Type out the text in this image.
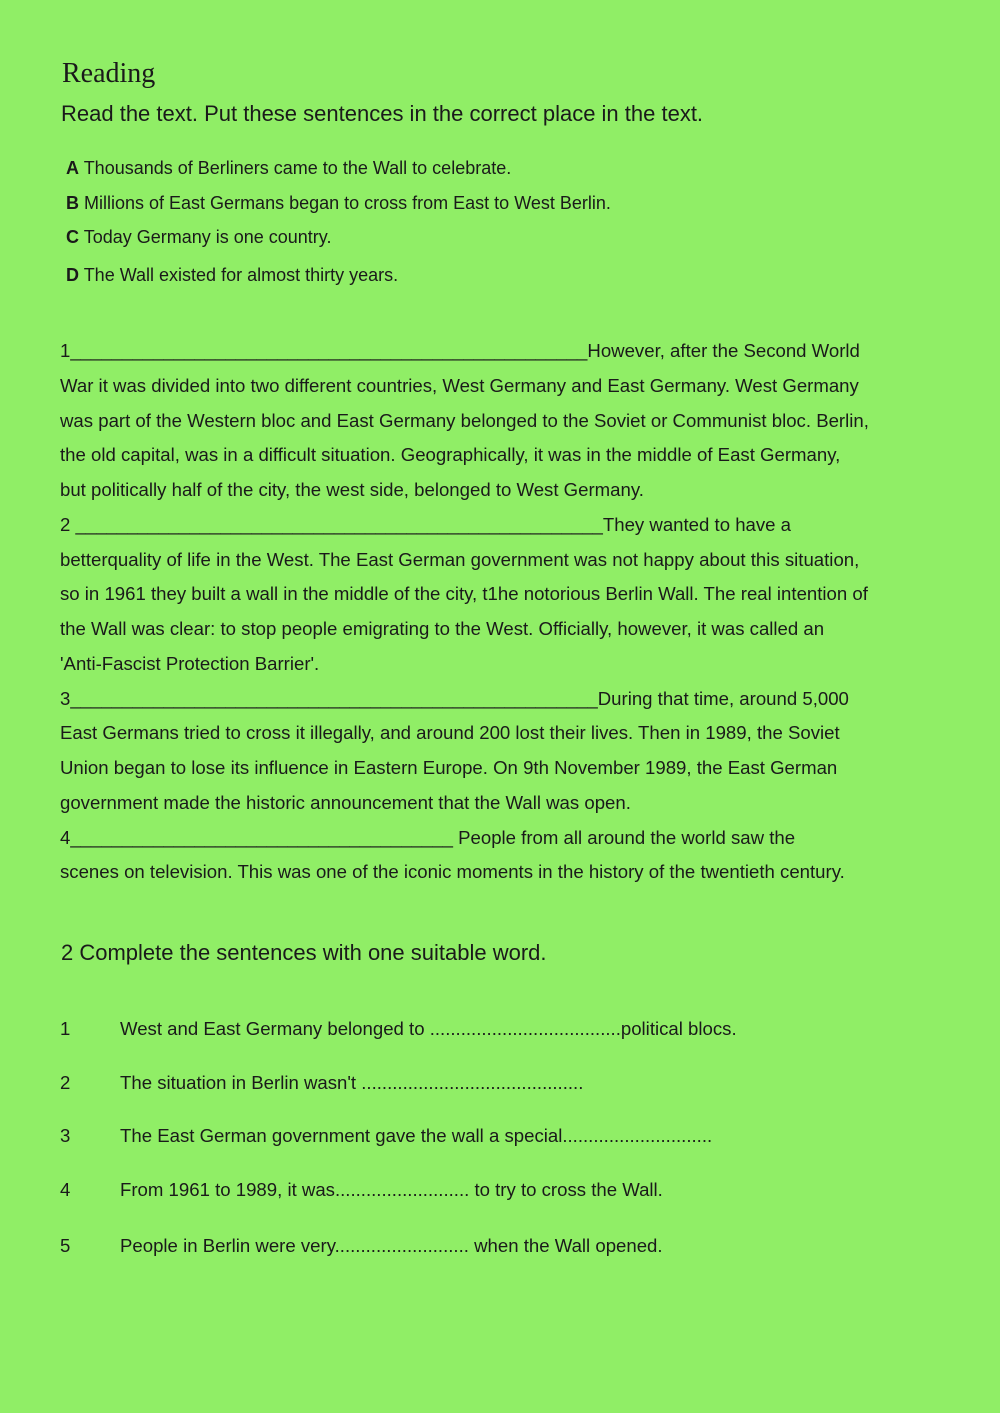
Reading

Read the text. Put these sentences in the correct place in the text.

A Thousands of Berliners came to the Wall to celebrate.
B Millions of East Germans began to cross from East to West Berlin.
C Today Germany is one country.
D The Wall existed for almost thirty years.
1__________________________________________________However, after the Second World
War it was divided into two different countries, West Germany and East Germany. West Germany
was part of the Western bloc and East Germany belonged to the Soviet or Communist bloc. Berlin,
the old capital, was in a difficult situation. Geographically, it was in the middle of East Germany,
but politically half of the city, the west side, belonged to West Germany.
2 ___________________________________________________They wanted to have a
betterquality of life in the West. The East German government was not happy about this situation,
so in 1961 they built a wall in the middle of the city, t1he notorious Berlin Wall. The real intention of
the Wall was clear: to stop people emigrating to the West. Officially, however, it was called an
'Anti-Fascist Protection Barrier'.
3___________________________________________________During that time, around 5,000
East Germans tried to cross it illegally, and around 200 lost their lives. Then in 1989, the Soviet
Union began to lose its influence in Eastern Europe. On 9th November 1989, the East German
government made the historic announcement that the Wall was open.
4_____________________________________ People from all around the world saw the
scenes on television. This was one of the iconic moments in the history of the twentieth century.
2 Complete the sentences with one suitable word.
1	West and East Germany belonged to .....................................political blocs.
2	The situation in Berlin wasn't ...........................................
3	The East German government gave the wall a special.............................
4	From 1961 to 1989, it was.......................... to try to cross the Wall.
5	People in Berlin were very.......................... when the Wall opened.
